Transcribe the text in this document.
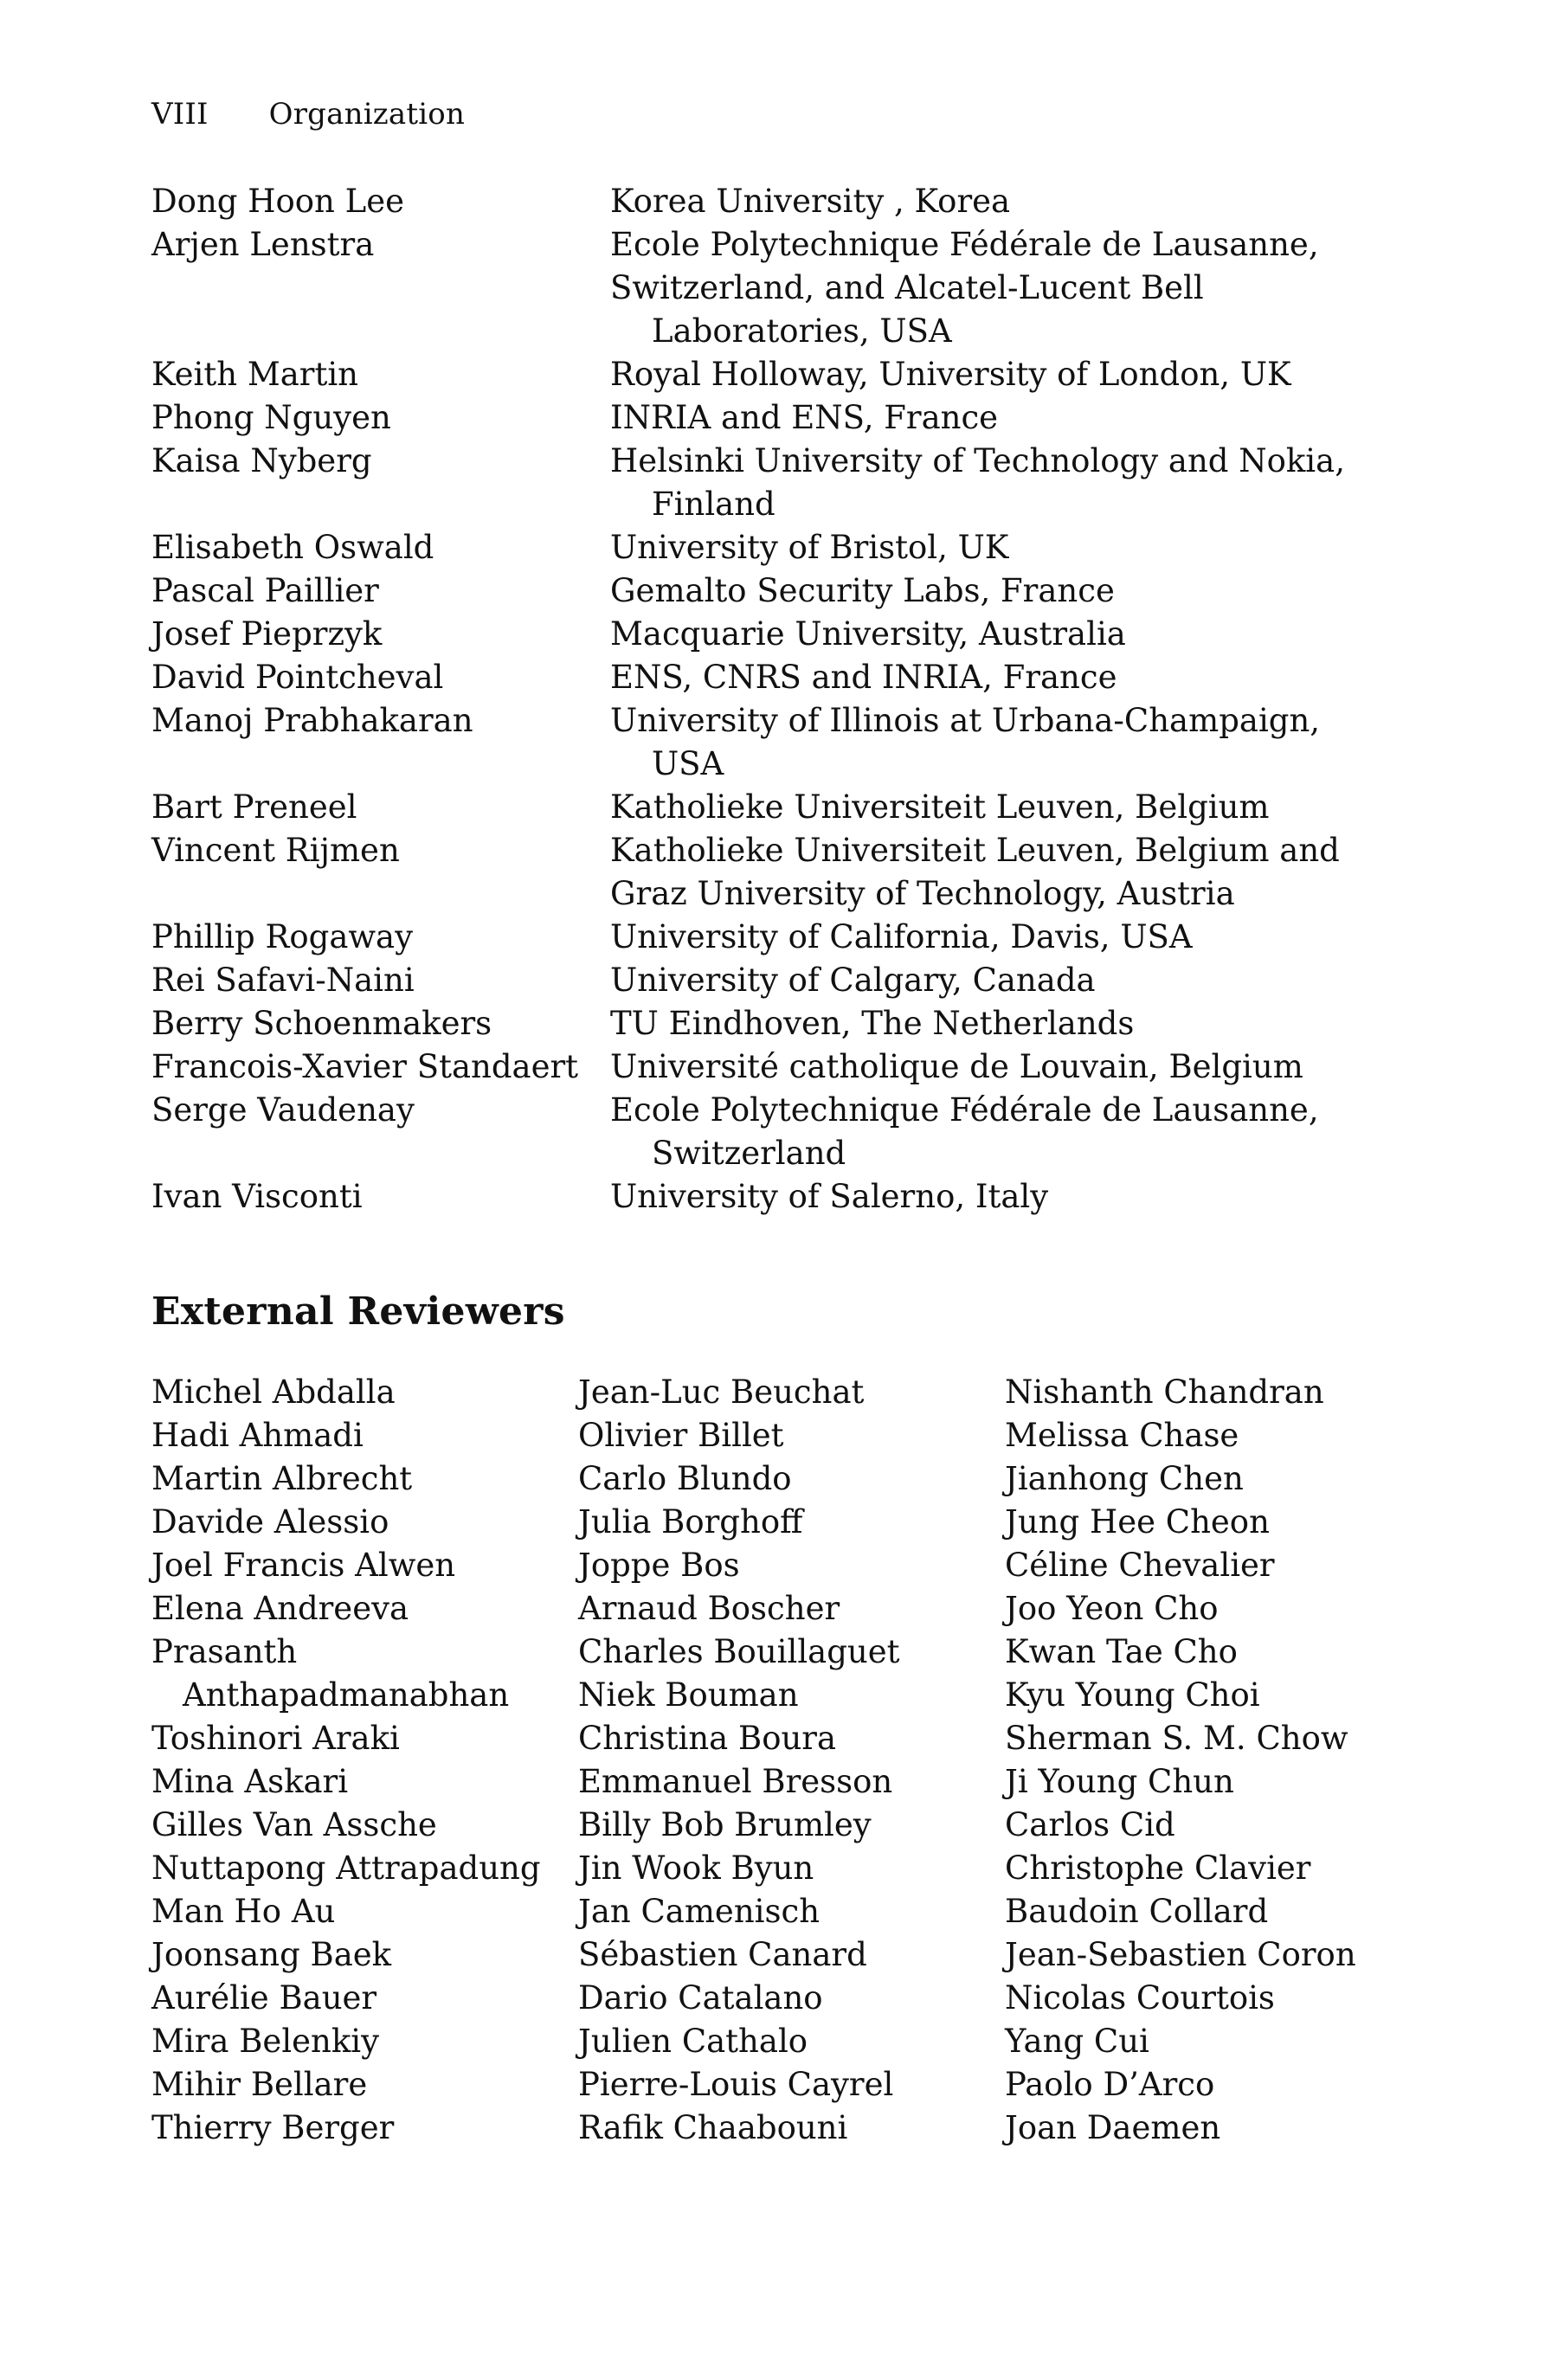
VIII Organization
Dong Hoon Lee	Korea University , Korea
Arjen Lenstra	Ecole Polytechnique Fédérale de Lausanne,
Switzerland, and Alcatel-Lucent Bell
Laboratories, USA
Keith Martin	Royal Holloway, University of London, UK
Phong Nguyen	INRIA and ENS, France
Kaisa Nyberg	Helsinki University of Technology and Nokia,
Finland
Elisabeth Oswald	University of Bristol, UK
Pascal Paillier	Gemalto Security Labs, France
Josef Pieprzyk	Macquarie University, Australia
David Pointcheval	ENS, CNRS and INRIA, France
Manoj Prabhakaran	University of Illinois at Urbana-Champaign,
USA
Bart Preneel	Katholieke Universiteit Leuven, Belgium
Vincent Rijmen	Katholieke Universiteit Leuven, Belgium and
Graz University of Technology, Austria
Phillip Rogaway	University of California, Davis, USA
Rei Safavi-Naini	University of Calgary, Canada
Berry Schoenmakers	TU Eindhoven, The Netherlands
Francois-Xavier Standaert Université catholique de Louvain, Belgium
Serge Vaudenay	Ecole Polytechnique Fédérale de Lausanne,
Switzerland
Ivan Visconti	University of Salerno, Italy
External Reviewers
Michel Abdalla
Hadi Ahmadi
Martin Albrecht
Davide Alessio
Joel Francis Alwen
Elena Andreeva
Prasanth
Anthapadmanabhan
Toshinori Araki
Mina Askari
Gilles Van Assche
Nuttapong Attrapadung
Man Ho Au
Joonsang Baek
Aurélie Bauer
Mira Belenkiy
Mihir Bellare
Thierry Berger
Jean-Luc Beuchat
Olivier Billet
Carlo Blundo
Julia Borghoff
Joppe Bos
Arnaud Boscher
Charles Bouillaguet
Niek Bouman
Christina Boura
Emmanuel Bresson
Billy Bob Brumley
Jin Wook Byun
Jan Camenisch
Sébastien Canard
Dario Catalano
Julien Cathalo
Pierre-Louis Cayrel
Rafik Chaabouni
Nishanth Chandran
Melissa Chase
Jianhong Chen
Jung Hee Cheon
Céline Chevalier
Joo Yeon Cho
Kwan Tae Cho
Kyu Young Choi
Sherman S. M. Chow
Ji Young Chun
Carlos Cid
Christophe Clavier
Baudoin Collard
Jean-Sebastien Coron
Nicolas Courtois
Yang Cui
Paolo D’Arco
Joan Daemen
